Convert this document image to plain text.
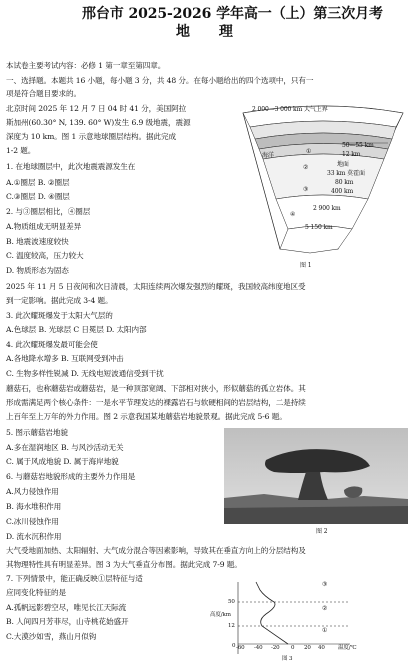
邢台市 2025-2026 学年高一（上）第三次月考
地 理
本试卷主要考试内容：必修 1 第一章至第四章。
一、选择题。本题共 16 小题，每小题 3 分，共 48 分。在每小题给出的四个选项中，只有一
项是符合题目要求的。
北京时间 2025 年 12 月 7 日 04 时 41 分，美国阿拉
斯加州(60.30° N, 139. 60° W)发生 6.9 级地震，震源
深度为 10 km。图 1 示意地球圈层结构。据此完成
1-2 题。
1. 在地球圈层中，此次地震震源发生在
A.①圈层 B. ②圈层
C.③圈层 D. ④圈层
2. 与③圈层相比，④圈层
A.物质组成无明显差异
B. 地震波速度较快
C. 温度较高，压力较大
D. 物质形态为固态
2025 年 11 月 5 日夜间和次日清晨，太阳连续两次爆发强烈的耀斑，我国较高纬度地区受
到一定影响。据此完成 3-4 题。
3. 此次耀斑爆发于太阳大气层的
A.色球层 B. 光球层 C 日冕层 D. 太阳内部
4. 此次耀斑爆发最可能会使
A.各地降水增多 B. 互联网受到冲击
C. 生物多样性锐减 D. 无线电短波通信受到干扰
蘑菇石，也称蘑菇岩或蘑菇岩，是一种顶部宽阔、下部相对狭小，形似蘑菇的孤立岩体。其
形成需满足两个核心条件：一是水平节理发达的裸露岩石与软硬相间的岩层结构，二是持续
上百年至上万年的外力作用。图 2 示意我国某地蘑菇岩地貌景观。据此完成 5-6 题。
5. 图示蘑菇岩地貌
A.多在湿润地区 B. 与风沙活动无关
C. 属于风成地貌 D. 属于海岸地貌
6. 与蘑菇岩地貌形成的主要外力作用是
A.风力侵蚀作用
B. 海水堆积作用
C.冰川侵蚀作用
D. 流水沉积作用
大气受地面加热、太阳辐射、大气成分混合等因素影响，导致其在垂直方向上的分层结构及
其物理特性具有明显差异。图 3 为大气垂直分布图。据此完成 7-9 题。
7. 下列情景中，能正确反映①层特征与适
应同变化特征的是
A.孤帆远影碧空尽，唯见长江天际流
B. 人间四月芳菲尽，山寺桃花始盛开
C.大漠沙如雪，燕山月似钩
2 000—3 000 km 大气上界
海洋
50—55 km
12 km
地面
33 km 莫霍面
80 km
400 km
2 900 km
5 150 km
①
②
③
④
图 1
图 2
高度/km
50
12
0 -60 -40 -20 0 20 40 温度/℃
③
②
①
图 3
